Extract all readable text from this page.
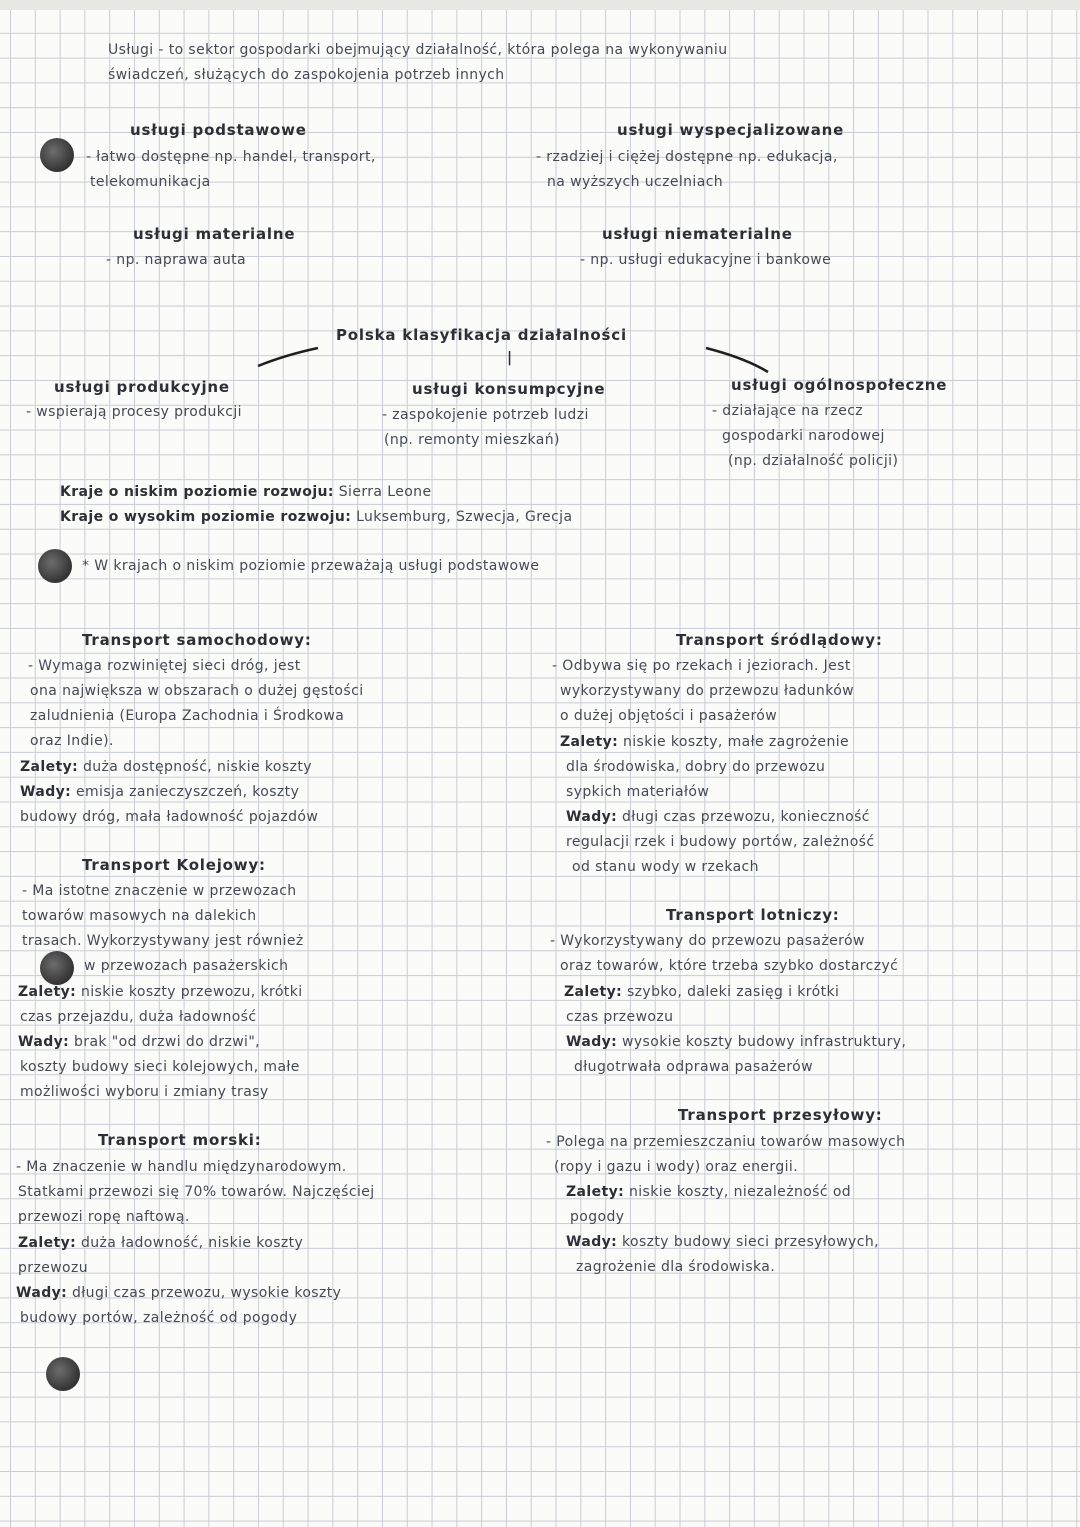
Usługi - to sektor gospodarki obejmujący działalność, która polega na wykonywaniu
świadczeń, służących do zaspokojenia potrzeb innych
usługi podstawowe
- łatwo dostępne np. handel, transport,
telekomunikacja
usługi wyspecjalizowane
- rzadziej i ciężej dostępne np. edukacja,
na wyższych uczelniach
usługi materialne
- np. naprawa auta
usługi niematerialne
- np. usługi edukacyjne i bankowe
Polska klasyfikacja działalności
|
usługi produkcyjne
- wspierają procesy produkcji
usługi konsumpcyjne
- zaspokojenie potrzeb ludzi
(np. remonty mieszkań)
usługi ogólnospołeczne
- działające na rzecz
gospodarki narodowej
(np. działalność policji)
Kraje o niskim poziomie rozwoju: Sierra Leone
Kraje o wysokim poziomie rozwoju: Luksemburg, Szwecja, Grecja
* W krajach o niskim poziomie przeważają usługi podstawowe
Transport samochodowy:
- Wymaga rozwiniętej sieci dróg, jest
ona największa w obszarach o dużej gęstości
zaludnienia (Europa Zachodnia i Środkowa
oraz Indie).
Zalety: duża dostępność, niskie koszty
Wady: emisja zanieczyszczeń, koszty
budowy dróg, mała ładowność pojazdów
Transport Kolejowy:
- Ma istotne znaczenie w przewozach
towarów masowych na dalekich
trasach. Wykorzystywany jest również
w przewozach pasażerskich
Zalety: niskie koszty przewozu, krótki
czas przejazdu, duża ładowność
Wady: brak "od drzwi do drzwi",
koszty budowy sieci kolejowych, małe
możliwości wyboru i zmiany trasy
Transport morski:
- Ma znaczenie w handlu międzynarodowym.
Statkami przewozi się 70% towarów. Najczęściej
przewozi ropę naftową.
Zalety: duża ładowność, niskie koszty
przewozu
Wady: długi czas przewozu, wysokie koszty
budowy portów, zależność od pogody
Transport śródlądowy:
- Odbywa się po rzekach i jeziorach. Jest
wykorzystywany do przewozu ładunków
o dużej objętości i pasażerów
Zalety: niskie koszty, małe zagrożenie
dla środowiska, dobry do przewozu
sypkich materiałów
Wady: długi czas przewozu, konieczność
regulacji rzek i budowy portów, zależność
od stanu wody w rzekach
Transport lotniczy:
- Wykorzystywany do przewozu pasażerów
oraz towarów, które trzeba szybko dostarczyć
Zalety: szybko, daleki zasięg i krótki
czas przewozu
Wady: wysokie koszty budowy infrastruktury,
długotrwała odprawa pasażerów
Transport przesyłowy:
- Polega na przemieszczaniu towarów masowych
(ropy i gazu i wody) oraz energii.
Zalety: niskie koszty, niezależność od
pogody
Wady: koszty budowy sieci przesyłowych,
zagrożenie dla środowiska.
